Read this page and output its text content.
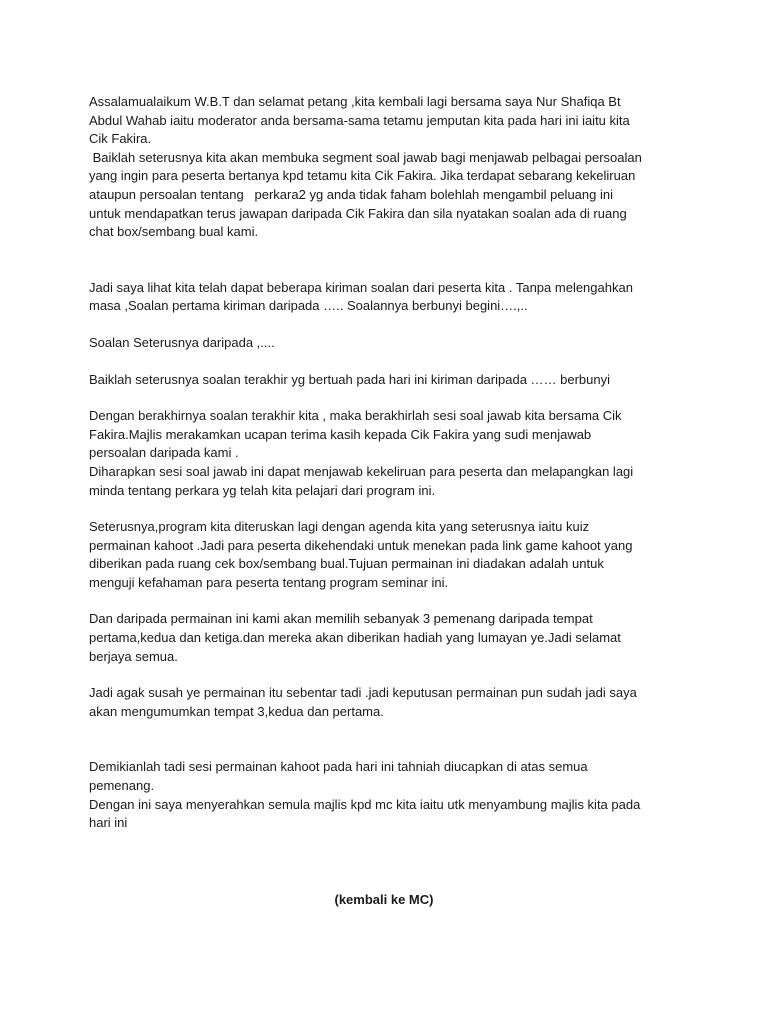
Assalamualaikum W.B.T dan selamat petang ,kita kembali lagi bersama saya Nur Shafiqa Bt
Abdul Wahab iaitu moderator anda bersama-sama tetamu jemputan kita pada hari ini iaitu kita
Cik Fakira.
Baiklah seterusnya kita akan membuka segment soal jawab bagi menjawab pelbagai persoalan
yang ingin para peserta bertanya kpd tetamu kita Cik Fakira. Jika terdapat sebarang kekeliruan
ataupun persoalan tentang   perkara2 yg anda tidak faham bolehlah mengambil peluang ini
untuk mendapatkan terus jawapan daripada Cik Fakira dan sila nyatakan soalan ada di ruang
chat box/sembang bual kami.

Jadi saya lihat kita telah dapat beberapa kiriman soalan dari peserta kita . Tanpa melengahkan
masa ,Soalan pertama kiriman daripada ….. Soalannya berbunyi begini….,..

Soalan Seterusnya daripada ,....

Baiklah seterusnya soalan terakhir yg bertuah pada hari ini kiriman daripada …… berbunyi

Dengan berakhirnya soalan terakhir kita , maka berakhirlah sesi soal jawab kita bersama Cik
Fakira.Majlis merakamkan ucapan terima kasih kepada Cik Fakira yang sudi menjawab
persoalan daripada kami .
Diharapkan sesi soal jawab ini dapat menjawab kekeliruan para peserta dan melapangkan lagi
minda tentang perkara yg telah kita pelajari dari program ini.

Seterusnya,program kita diteruskan lagi dengan agenda kita yang seterusnya iaitu kuiz
permainan kahoot .Jadi para peserta dikehendaki untuk menekan pada link game kahoot yang
diberikan pada ruang cek box/sembang bual.Tujuan permainan ini diadakan adalah untuk
menguji kefahaman para peserta tentang program seminar ini.

Dan daripada permainan ini kami akan memilih sebanyak 3 pemenang daripada tempat
pertama,kedua dan ketiga.dan mereka akan diberikan hadiah yang lumayan ye.Jadi selamat
berjaya semua.

Jadi agak susah ye permainan itu sebentar tadi .jadi keputusan permainan pun sudah jadi saya
akan mengumumkan tempat 3,kedua dan pertama.

Demikianlah tadi sesi permainan kahoot pada hari ini tahniah diucapkan di atas semua
pemenang.
Dengan ini saya menyerahkan semula majlis kpd mc kita iaitu utk menyambung majlis kita pada
hari ini

(kembali ke MC)
